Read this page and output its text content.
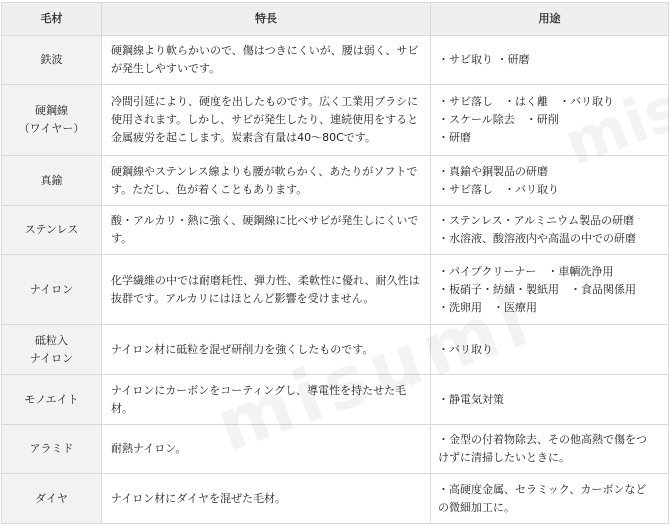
毛材	特長	用途

鉄波	硬鋼線より軟らかいので、傷はつきにくいが、腰は弱く、サビが発生しやすいです。	・サビ取り ・研磨

硬鋼線
（ワイヤー）	冷間引延により、硬度を出したものです。広く工業用ブラシに使用されます。しかし、サビが発生したり、連続使用をすると金属疲労を起こします。炭素含有量は40～80Cです。	・サビ落し　・はく離　・バリ取り
・スケール除去　・研削
・研磨

真鍮	硬鋼線やステンレス線よりも腰が軟らかく、あたりがソフトです。ただし、色が着くこともあります。	・真鍮や銅製品の研磨
・サビ落し　・バリ取り

ステンレス	酸・アルカリ・熱に強く、硬鋼線に比べサビが発生しにくいです。	・ステンレス・アルミニウム製品の研磨
・水溶液、酸溶液内や高温の中での研磨

ナイロン	化学繊維の中では耐磨耗性、弾力性、柔軟性に優れ、耐久性は抜群です。アルカリにはほとんど影響を受けません。	・パイプクリーナー　・車輌洗浄用
・板硝子・紡績・製紙用　・食品関係用
・洗卵用　・医療用

砥粒入
ナイロン	ナイロン材に砥粒を混ぜ研削力を強くしたものです。	・バリ取り

モノエイト	ナイロンにカーボンをコーティングし、導電性を持たせた毛材。	・静電気対策

アラミド	耐熱ナイロン。	・金型の付着物除去、その他高熱で傷をつ
けずに清掃したいときに。

ダイヤ	ナイロン材にダイヤを混ぜた毛材。	・高硬度金属、セラミック、カーボンなど
の微細加工に。
